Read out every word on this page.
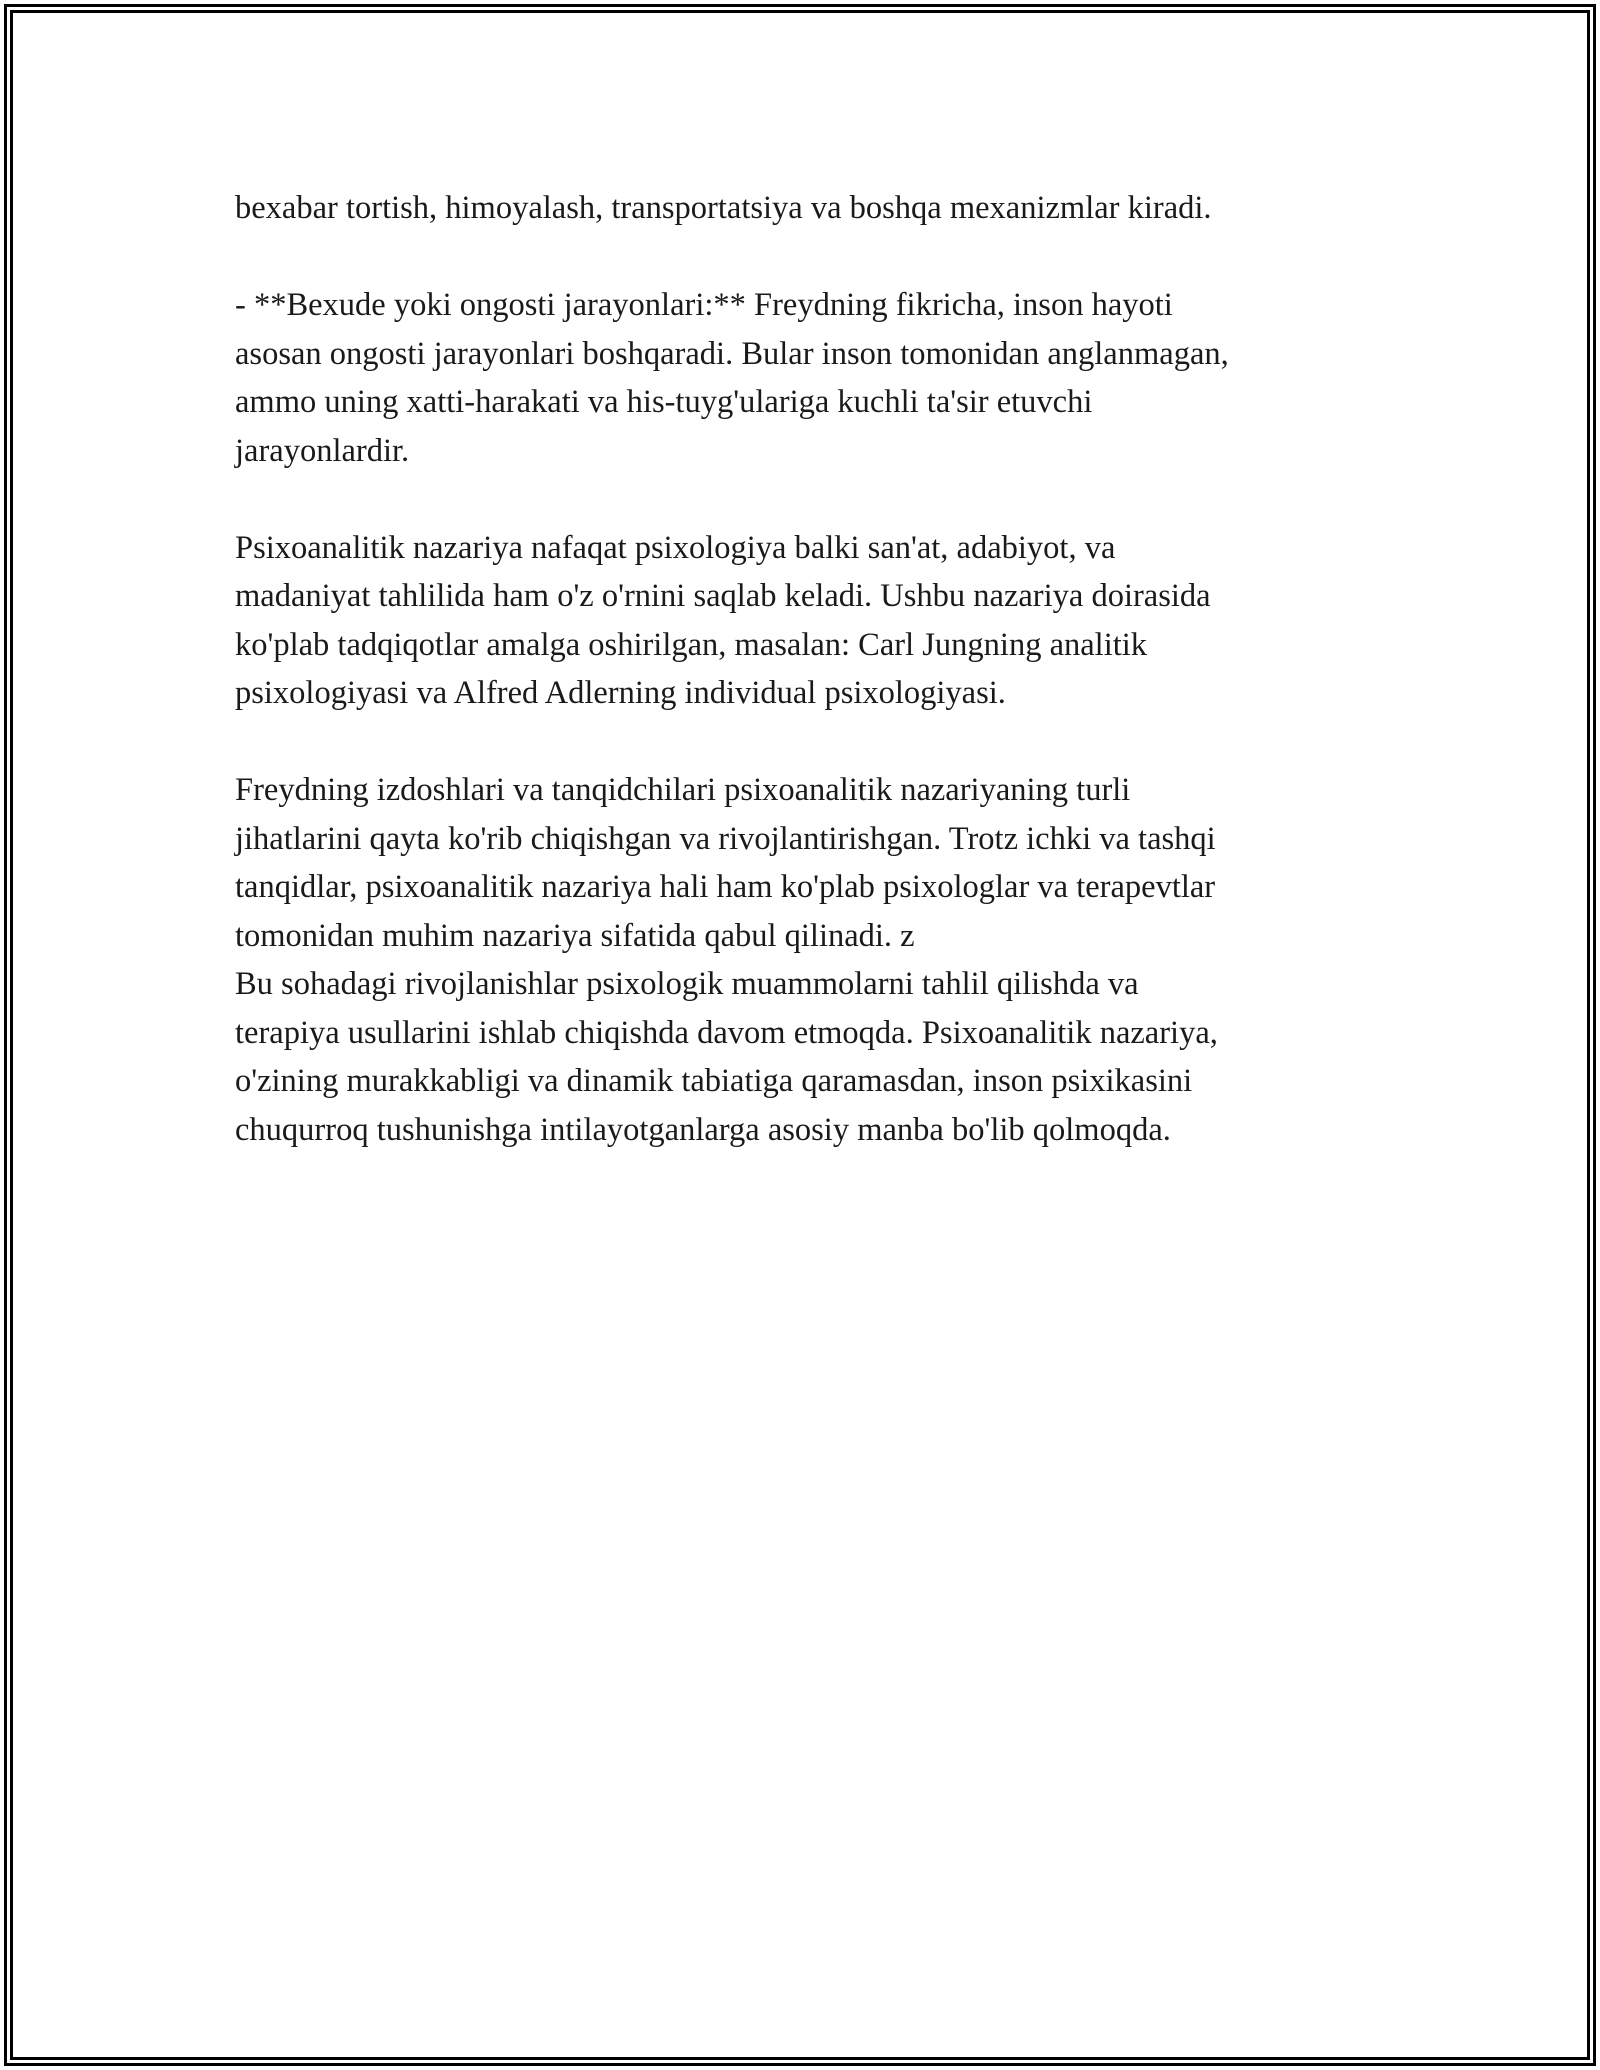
bexabar tortish, himoyalash, transportatsiya va boshqa mexanizmlar kiradi.

- **Bexude yoki ongosti jarayonlari:** Freydning fikricha, inson hayoti
asosan ongosti jarayonlari boshqaradi. Bular inson tomonidan anglanmagan,
ammo uning xatti-harakati va his-tuyg'ulariga kuchli ta'sir etuvchi
jarayonlardir.

Psixoanalitik nazariya nafaqat psixologiya balki san'at, adabiyot, va
madaniyat tahlilida ham o'z o'rnini saqlab keladi. Ushbu nazariya doirasida
ko'plab tadqiqotlar amalga oshirilgan, masalan: Carl Jungning analitik
psixologiyasi va Alfred Adlerning individual psixologiyasi.

Freydning izdoshlari va tanqidchilari psixoanalitik nazariyaning turli
jihatlarini qayta ko'rib chiqishgan va rivojlantirishgan. Trotz ichki va tashqi
tanqidlar, psixoanalitik nazariya hali ham ko'plab psixologlar va terapevtlar
tomonidan muhim nazariya sifatida qabul qilinadi. z
Bu sohadagi rivojlanishlar psixologik muammolarni tahlil qilishda va
terapiya usullarini ishlab chiqishda davom etmoqda. Psixoanalitik nazariya,
o'zining murakkabligi va dinamik tabiatiga qaramasdan, inson psixikasini
chuqurroq tushunishga intilayotganlarga asosiy manba bo'lib qolmoqda.
